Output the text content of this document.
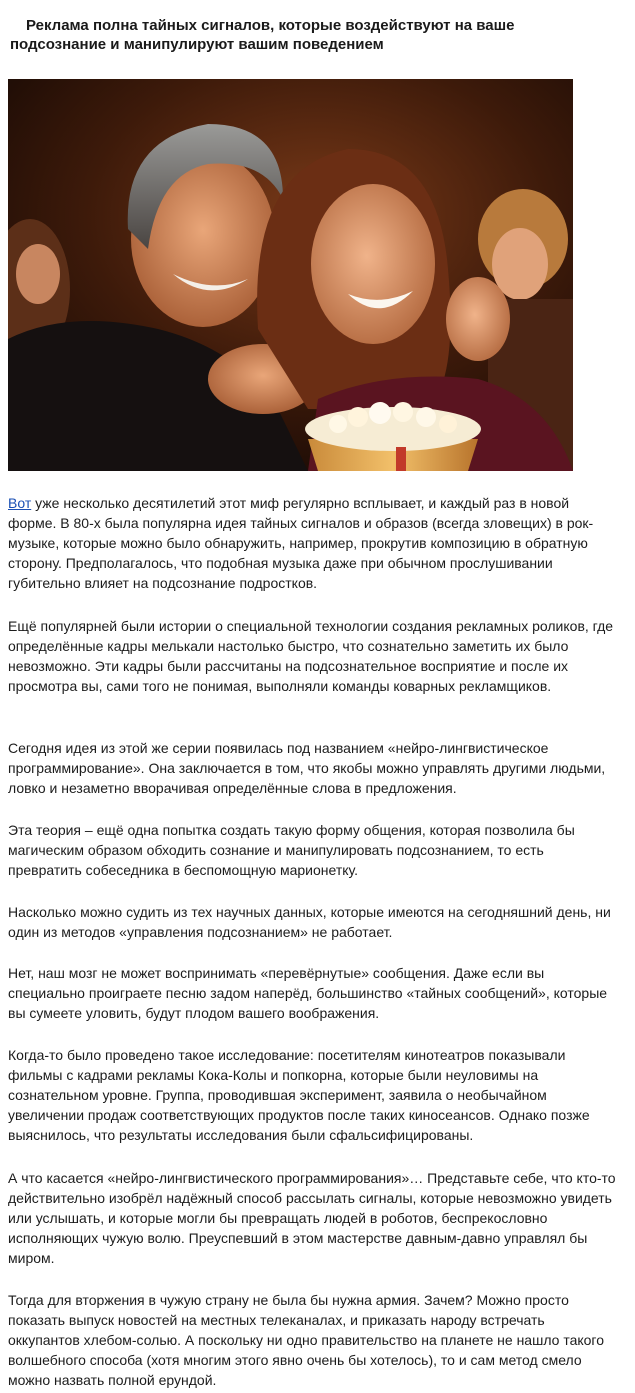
Реклама полна тайных сигналов, которые воздействуют на ваше подсознание и манипулируют вашим поведением

Вот уже несколько десятилетий этот миф регулярно всплывает, и каждый раз в новой форме. В 80-х была популярна идея тайных сигналов и образов (всегда зловещих) в рок-музыке, которые можно было обнаружить, например, прокрутив композицию в обратную сторону. Предполагалось, что подобная музыка даже при обычном прослушивании губительно влияет на подсознание подростков.

Ещё популярней были истории о специальной технологии создания рекламных роликов, где определённые кадры мелькали настолько быстро, что сознательно заметить их было невозможно. Эти кадры были рассчитаны на подсознательное восприятие и после их просмотра вы, сами того не понимая, выполняли команды коварных рекламщиков.

Сегодня идея из этой же серии появилась под названием «нейро-лингвистическое программирование». Она заключается в том, что якобы можно управлять другими людьми, ловко и незаметно вворачивая определённые слова в предложения.

Эта теория – ещё одна попытка создать такую форму общения, которая позволила бы магическим образом обходить сознание и манипулировать подсознанием, то есть превратить собеседника в беспомощную марионетку.

Насколько можно судить из тех научных данных, которые имеются на сегодняшний день, ни один из методов «управления подсознанием» не работает.

Нет, наш мозг не может воспринимать «перевёрнутые» сообщения. Даже если вы специально проиграете песню задом наперёд, большинство «тайных сообщений», которые вы сумеете уловить, будут плодом вашего воображения.

Когда-то было проведено такое исследование: посетителям кинотеатров показывали фильмы с кадрами рекламы Кока-Колы и попкорна, которые были неуловимы на сознательном уровне. Группа, проводившая эксперимент, заявила о необычайном увеличении продаж соответствующих продуктов после таких киносеансов. Однако позже выяснилось, что результаты исследования были сфальсифицированы.

А что касается «нейро-лингвистического программирования»… Представьте себе, что кто-то действительно изобрёл надёжный способ рассылать сигналы, которые невозможно увидеть или услышать, и которые могли бы превращать людей в роботов, беспрекословно исполняющих чужую волю. Преуспевший в этом мастерстве давным-давно управлял бы миром.

Тогда для вторжения в чужую страну не была бы нужна армия. Зачем? Можно просто показать выпуск новостей на местных телеканалах, и приказать народу встречать оккупантов хлебом-солью. А поскольку ни одно правительство на планете не нашло такого волшебного способа (хотя многим этого явно очень бы хотелось), то и сам метод смело можно назвать полной ерундой.
